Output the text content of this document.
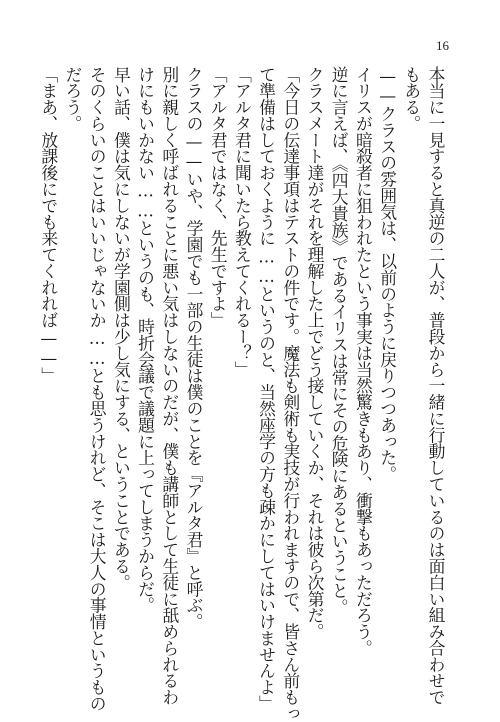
16
本当に一見すると真逆の二人が、普段から一緒に行動しているのは面白い組み合わせで
もある。
——クラスの雰囲気は、以前のように戻りつつあった。
イリスが暗殺者に狙われたという事実は当然驚きもあり、衝撃もあっただろう。
逆に言えば、《四大貴族》であるイリスは常にその危険にあるということ。
クラスメート達がそれを理解した上でどう接していくか、それは彼ら次第だ。
「今日の伝達事項はテストの件です。魔法も剣術も実技が行われますので、皆さん前もっ
て準備はしておくように……というのと、当然座学の方も疎かにしてはいけませんよ」
「アルタ君に聞いたら教えてくれるー？」
「アルタ君ではなく、先生ですよ」
クラスの——いや、学園でも一部の生徒は僕のことを『アルタ君』と呼ぶ。
別に親しく呼ばれることに悪い気はしないのだが、僕も講師として生徒に舐められるわ
けにもいかない……というのも、時折会議で議題に上ってしまうからだ。
早い話、僕は気にしないが学園側は少し気にする、ということである。
そのくらいのことはいいじゃないか……とも思うけれど、そこは大人の事情というもの
だろう。
「まあ、放課後にでも来てくれれば——」
